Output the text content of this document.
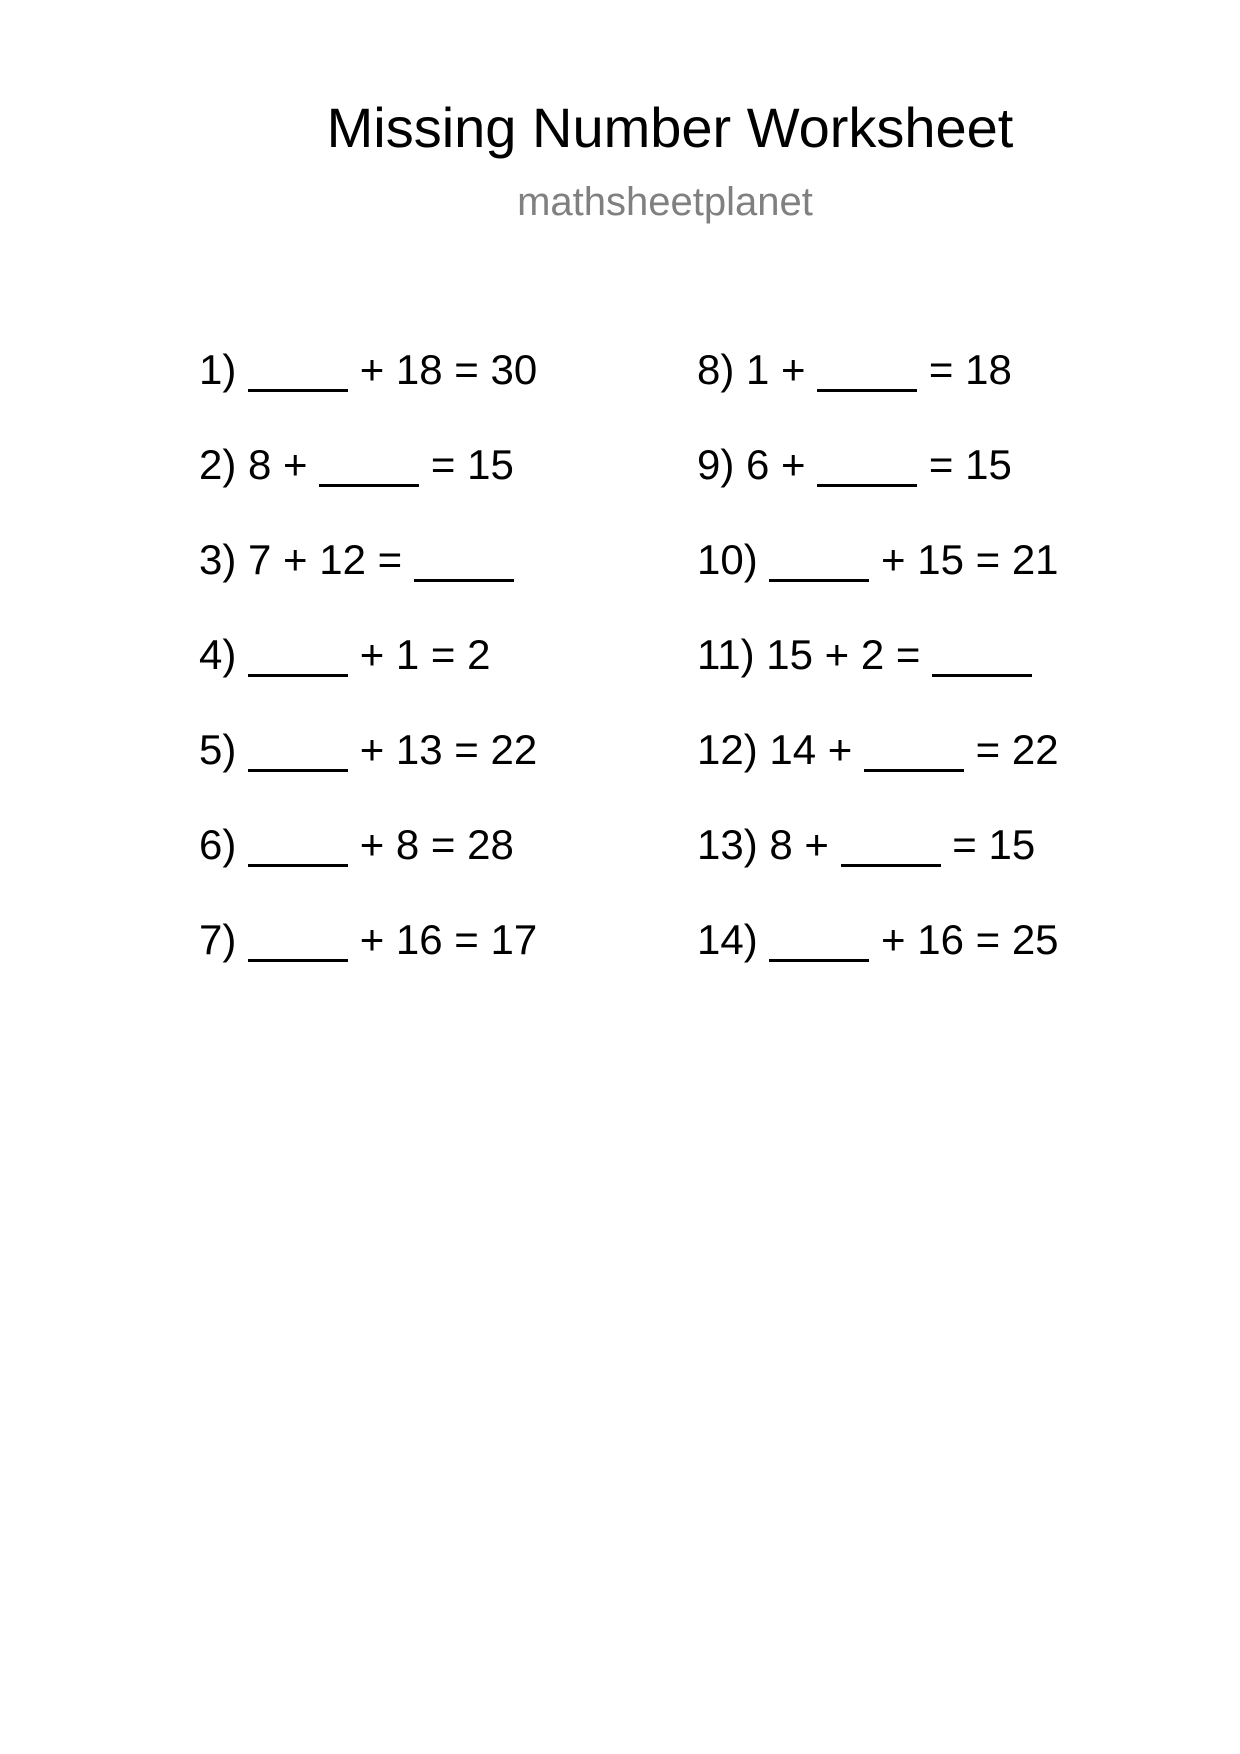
Missing Number Worksheet
mathsheetplanet
1)	+ 18 = 30
2) 8 +  = 15
3) 7 + 12 =
4)	+ 1 = 2
5)	+ 13 = 22
6)	+ 8 = 28
7)	+ 16 = 17
8) 1 +  = 18
9) 6 +  = 15
10)	+ 15 = 21
11) 15 + 2 =
12) 14 +  = 22
13) 8 +  = 15
14)	+ 16 = 25
